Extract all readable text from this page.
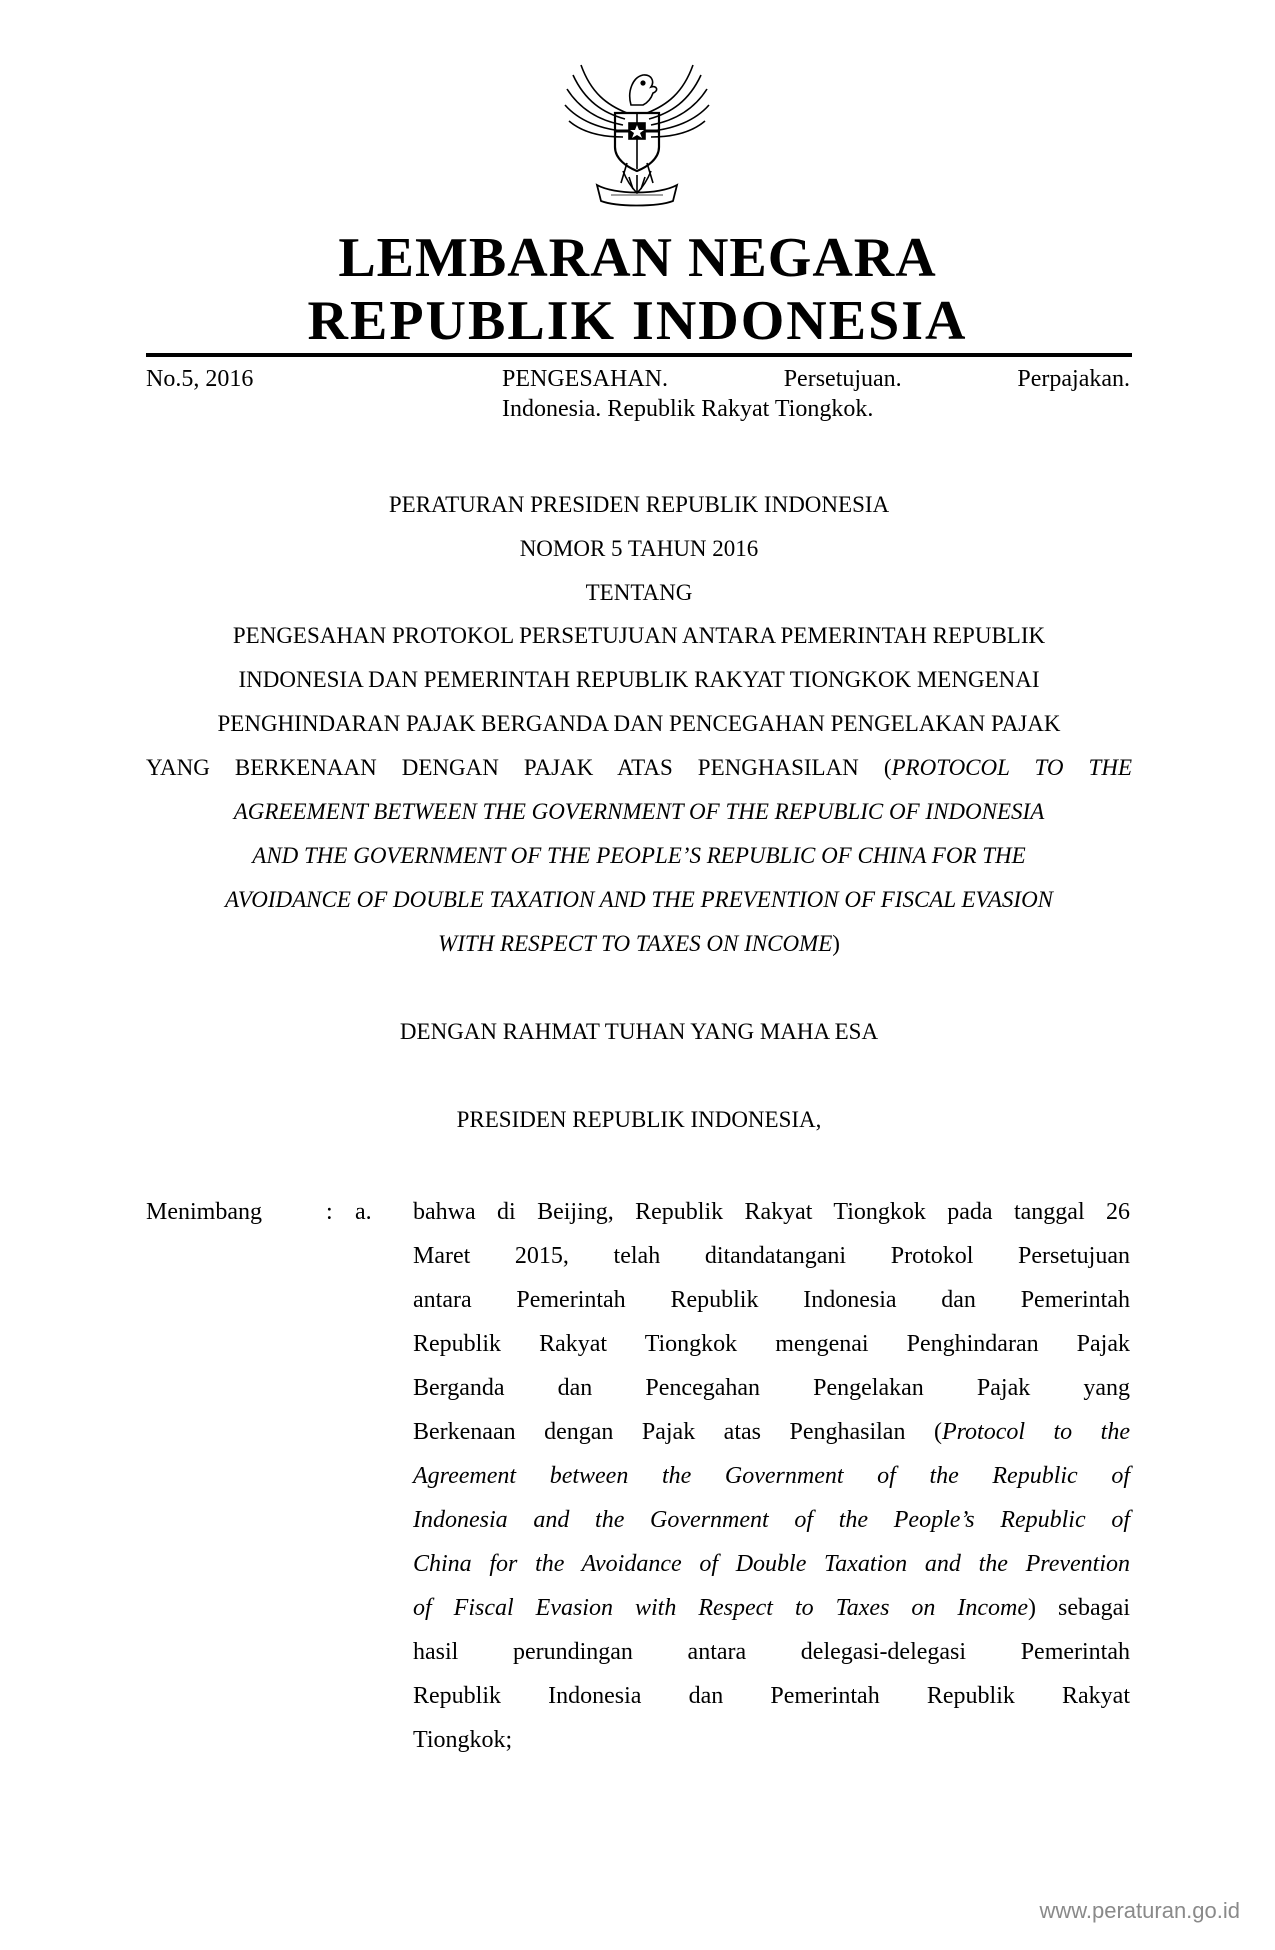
LEMBARAN NEGARA
REPUBLIK INDONESIA
No.5, 2016	PENGESAHAN.	Persetujuan.	Perpajakan.
Indonesia. Republik Rakyat Tiongkok.
PERATURAN PRESIDEN REPUBLIK INDONESIA
NOMOR 5 TAHUN 2016
TENTANG
PENGESAHAN PROTOKOL PERSETUJUAN ANTARA PEMERINTAH REPUBLIK
INDONESIA DAN PEMERINTAH REPUBLIK RAKYAT TIONGKOK MENGENAI
PENGHINDARAN PAJAK BERGANDA DAN PENCEGAHAN PENGELAKAN PAJAK
YANG BERKENAAN DENGAN PAJAK ATAS PENGHASILAN (PROTOCOL TO THE
AGREEMENT BETWEEN THE GOVERNMENT OF THE REPUBLIC OF INDONESIA
AND THE GOVERNMENT OF THE PEOPLE’S REPUBLIC OF CHINA FOR THE
AVOIDANCE OF DOUBLE TAXATION AND THE PREVENTION OF FISCAL EVASION
WITH RESPECT TO TAXES ON INCOME)
DENGAN RAHMAT TUHAN YANG MAHA ESA
PRESIDEN REPUBLIK INDONESIA,
Menimbang	: a. bahwa di Beijing, Republik Rakyat Tiongkok pada tanggal 26
Maret 2015, telah ditandatangani Protokol Persetujuan
antara Pemerintah Republik Indonesia dan Pemerintah
Republik Rakyat Tiongkok mengenai Penghindaran Pajak
Berganda dan Pencegahan Pengelakan Pajak yang
Berkenaan dengan Pajak atas Penghasilan (Protocol to the
Agreement between the Government of the Republic of
Indonesia and the Government of the People’s Republic of
China for the Avoidance of Double Taxation and the Prevention
of Fiscal Evasion with Respect to Taxes on Income) sebagai
hasil perundingan antara delegasi-delegasi Pemerintah
Republik Indonesia dan Pemerintah Republik Rakyat
Tiongkok;
www.peraturan.go.id
